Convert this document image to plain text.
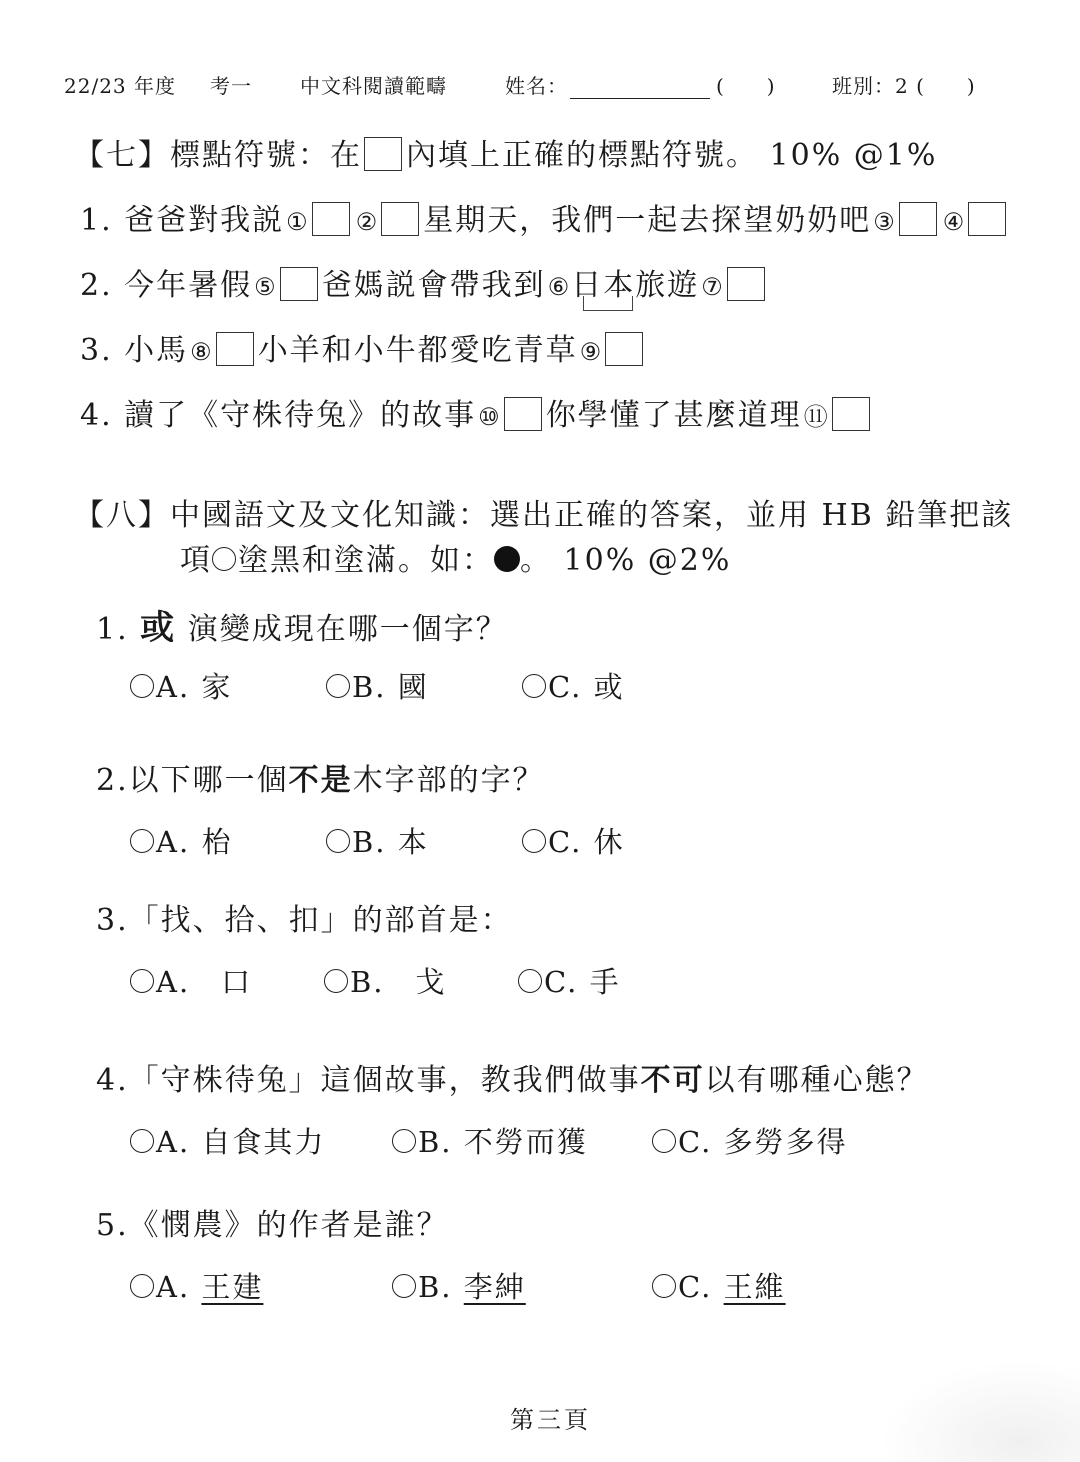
22/23 年度 考一 中文科閱讀範疇	姓名：	(　　)	班別：2 (　　)
【七】標點符號：在 內填上正確的標點符號。 10% @1%
1. 爸爸對我説① ② 星期天，我們一起去探望奶奶吧③ ④
2. 今年暑假⑤ 爸媽説會帶我到⑥日本旅遊⑦
3. 小馬⑧ 小羊和小牛都愛吃青草⑨
4. 讀了《守株待兔》的故事⑩ 你學懂了甚麼道理⑪
【八】中國語文及文化知識：選出正確的答案，並用 HB 鉛筆把該
項 塗黑和塗滿。如： 。 10% @2%
1. 或 演變成現在哪一個字？
A. 家	B. 國	C. 或
2.以下哪一個不是木字部的字？
A. 枱	B. 本	C. 休
3.「找、拾、扣」的部首是：
A.　口	B.　戈	C. 手
4.「守株待兔」這個故事，教我們做事不可以有哪種心態？
A. 自食其力	B. 不勞而獲	C. 多勞多得
5.《憫農》的作者是誰？
A. 王建	B. 李紳	C. 王維
第三頁
